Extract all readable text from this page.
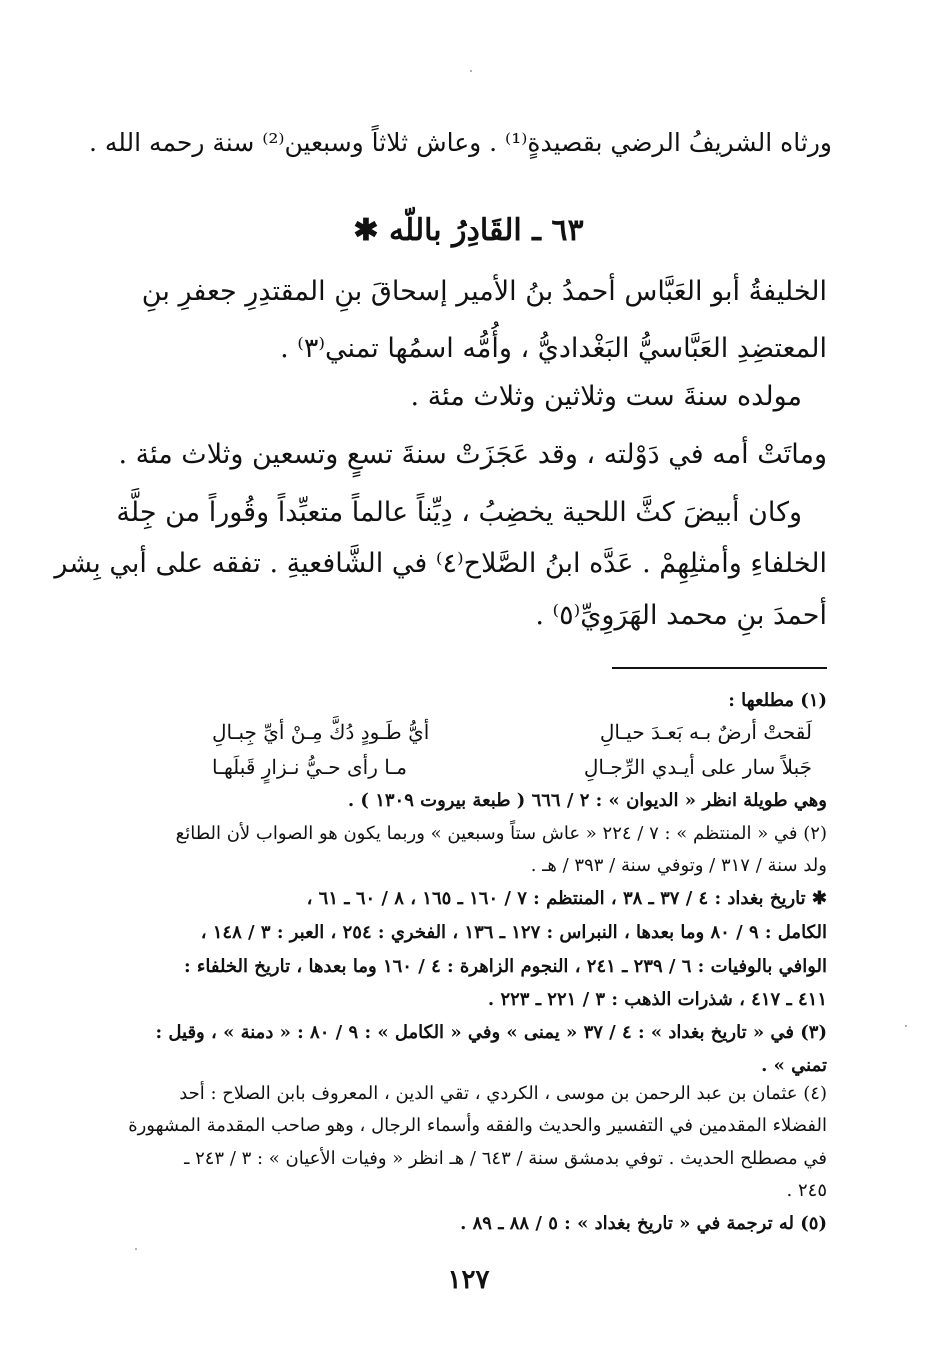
ورثاه الشريفُ الرضي بقصيدةٍ⁽¹⁾ . وعاش ثلاثاً وسبعين⁽²⁾ سنة رحمه الله .
٦٣ ـ القَادِرُ باللّه ✱
الخليفةُ أبو العَبَّاس أحمدُ بنُ الأمير إسحاقَ بنِ المقتدِرِ جعفرِ بنِ
المعتضِدِ العَبَّاسيُّ البَغْداديُّ ، وأُمُّه اسمُها تمني⁽٣⁾ .
مولده سنةَ ست وثلاثين وثلاث مئة .
وماتَتْ أمه في دَوْلته ، وقد عَجَزَتْ سنةَ تسعٍ وتسعين وثلاث مئة .
وكان أبيضَ كثَّ اللحية يخضِبُ ، دِيِّناً عالماً متعبِّداً وقُوراً من جِلَّة
الخلفاءِ وأمثلِهِمْ . عَدَّه ابنُ الصَّلاح⁽٤⁾ في الشَّافعيةِ . تفقه على أبي بِشر
أحمدَ بنِ محمد الهَرَوِيِّ⁽٥⁾ .
(١) مطلعها :
أيُّ طَـودٍ دُكَّ مِـنْ أيِّ جِبـالِ	لَقحتْ أرضٌ بـه بَعـدَ حيـالِ
مـا رأى حـيُّ نـزارٍ قَبلَهـا	جَبلاً سار على أيـدي الرِّجـالِ
وهي طويلة انظر « الديوان » : ٢ / ٦٦٦ ( طبعة بيروت ١٣٠٩ ) .
(٢) في « المنتظم » : ٧ / ٢٢٤ « عاش ستاً وسبعين » وربما يكون هو الصواب لأن الطائع
ولد سنة / ٣١٧ / وتوفي سنة / ٣٩٣ / هـ .
✱ تاريخ بغداد : ٤ / ٣٧ ـ ٣٨ ، المنتظم : ٧ / ١٦٠ ـ ١٦٥ ، ٨ / ٦٠ ـ ٦١ ،
الكامل : ٩ / ٨٠ وما بعدها ، النبراس : ١٢٧ ـ ١٣٦ ، الفخري : ٢٥٤ ، العبر : ٣ / ١٤٨ ،
الوافي بالوفيات : ٦ / ٢٣٩ ـ ٢٤١ ، النجوم الزاهرة : ٤ / ١٦٠ وما بعدها ، تاريخ الخلفاء :
٤١١ ـ ٤١٧ ، شذرات الذهب : ٣ / ٢٢١ ـ ٢٢٣ .
(٣) في « تاريخ بغداد » : ٤ / ٣٧ « يمنى » وفي « الكامل » : ٩ / ٨٠ : « دمنة » ، وقيل :
تمني » .
(٤) عثمان بن عبد الرحمن بن موسى ، الكردي ، تقي الدين ، المعروف بابن الصلاح : أحد
الفضلاء المقدمين في التفسير والحديث والفقه وأسماء الرجال ، وهو صاحب المقدمة المشهورة
في مصطلح الحديث . توفي بدمشق سنة / ٦٤٣ / هـ انظر « وفيات الأعيان » : ٣ / ٢٤٣ ـ
٢٤٥ .
(٥) له ترجمة في « تاريخ بغداد » : ٥ / ٨٨ ـ ٨٩ .
١٢٧
